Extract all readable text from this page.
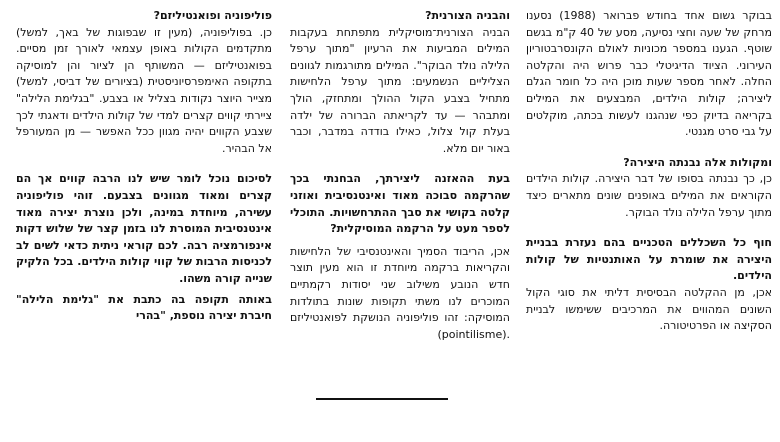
בבוקר גשום אחד בחודש פברואר (1988) נסענו מרחק של שעה וחצי נסיעה, מסע של 40 ק"מ בגשם שוטף. הגענו במספר מכוניות לאולם הקונסרבטוריון העירוני. הציוד הדיגיטלי כבר פרוש היה והקלטה החלה. לאחר מספר שעות מוכן היה כל חומר הגלם ליצירה; קולות הילדים, המבצעים את המילים בקריאה בדיוק כפי שנהגנו לעשות בכתה, מוקלטים על גבי סרט מגנטי.

ומקולות אלה נבנתה היצירה?

כן, כך נבנתה בסופו של דבר היצירה. קולות הילדים הקוראים את המילים באופנים שונים מתארים כיצד מתוך ערפל הלילה נולד הבוקר.

חוף כל השכללים הטכניים בהם נעזרת בבניית היצירה את שומרת על האותנטיות של קולות הילדים.

אכן, מן ההקלטה הבסיסית דליתי את סוגי הקול השונים המהווים את המרכיבים ששימשו לבניית הסקיצה או הפרטיטורה.

והבניה הצורנית?

הבניה הצורנית־מוסיקלית מתפתחת בעקבות המילים המביעות את הרעיון "מתוך ערפל הלילה נולד הבוקר". המילים מתורגמות לגוונים הצליליים הנשמעים: מתוך ערפל הלחישות מתחיל בצבע הקול ההולך ומתחזק, הולך ומתבהר — עד לקריאתה הברורה של ילדה בעלת קול צלול, כאילו בודדה במדבר, וכבר באור יום מלא.

בעת ההאזנה ליצירתך, הבחנתי בכך שהרקמה סבוכה מאוד ואינטנסיבית ואוזני קלטה בקושי את סבך ההתרחשויות. התוכלי לספר מעט על הרקמה המוסיקלית?

אכן, הריבוד הסמיך והאינטנסיבי של הלחישות והקריאות ברקמה מיוחדת זו הוא מעין תוצר חדש הנובע משילוב שני יסודות רקמתיים המוכרים לנו משתי תקופות שונות בתולדות המוסיקה: זהו פוליפוניה הנושקת לפואנטיליזם (pointilisme).

פוליפוניה ופואנטיליזם?

כן. בפוליפוניה, (מעין זו שבפוגות של באך, למשל) מתקדמים הקולות באופן עצמאי לאורך זמן מסיים. בפואנטיליזם — המשותף הן לציור והן למוסיקה בתקופה האימפרסיוניסטית (בציורים של דביסי, למשל) מצייר היוצר נקודות בצליל או בצבע. "בגלימת הלילה" ציירתי קווים קצרים למדי של קולות הילדים ודאגתי לכך שצבע הקווים יהיה מגוון ככל האפשר — מן המעורפל אל הבהיר.

לסיכום נוכל לומר שיש לנו הרבה קווים אך הם קצרים ומאוד מגוונים בצבעם. זוהי פוליפוניה עשירה, מיוחדת במינה, ולכן נוצרת יצירה מאוד אינטנסיבית המוסרת לנו בזמן קצר של שלוש דקות אינפורמציה רבה. לכם קוראי ניתית כדאי לשים לב לכניסות הרבות של קווי קולות הילדים. בכל הלקיק שנייה קורה משהו.

באותה תקופה בה כתבת את "גלימת הלילה" חיברת יצירה נוספת, "בהרי
